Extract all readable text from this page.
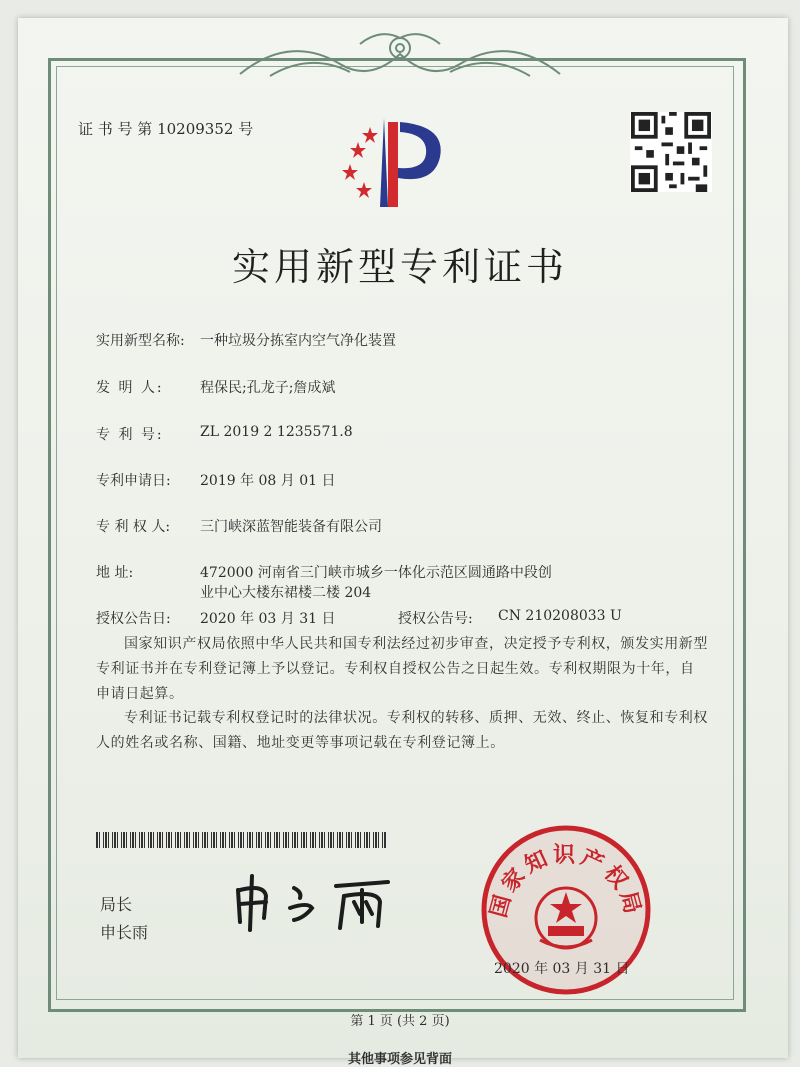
证 书 号 第 10209352 号
实用新型专利证书
实用新型名称: 一种垃圾分拣室内空气净化装置
发 明 人:	程保民;孔龙子;詹成斌
专 利 号:	ZL 2019 2 1235571.8
专利申请日: 2019 年 08 月 01 日
专 利 权 人: 三门峡深蓝智能装备有限公司
地 址:	472000 河南省三门峡市城乡一体化示范区圆通路中段创
业中心大楼东裙楼二楼 204
授权公告日: 2020 年 03 月 31 日	授权公告号: CN 210208033 U
国家知识产权局依照中华人民共和国专利法经过初步审查，决定授予专利权，颁发实用新型专利证书并在专利登记簿上予以登记。专利权自授权公告之日起生效。专利权期限为十年，自申请日起算。
专利证书记载专利权登记时的法律状况。专利权的转移、质押、无效、终止、恢复和专利权人的姓名或名称、国籍、地址变更等事项记载在专利登记簿上。
局长
申长雨
国家知识产权局
2020 年 03 月 31 日
第 1 页 (共 2 页)
其他事项参见背面
